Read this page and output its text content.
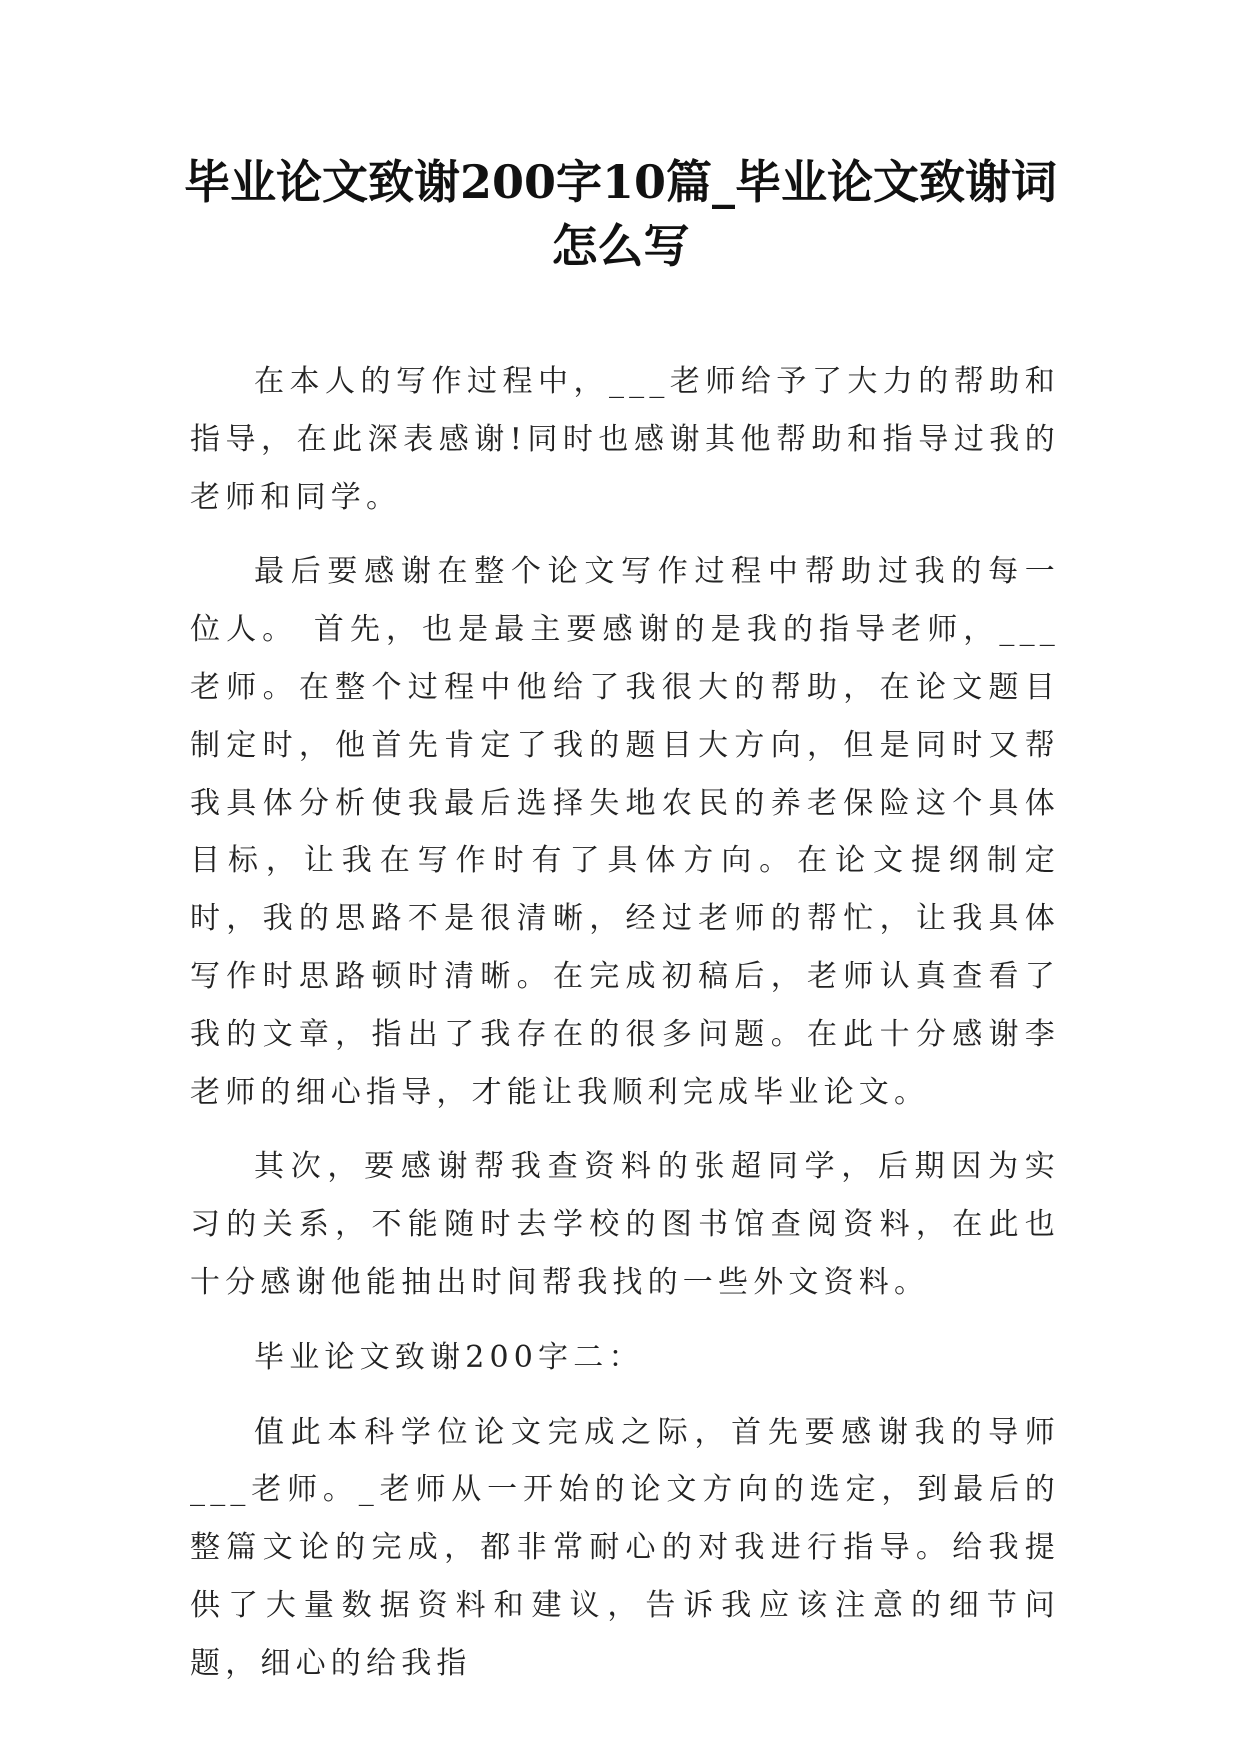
毕业论文致谢200字10篇_毕业论文致谢词
怎么写

在本人的写作过程中，___老师给予了大力的帮助和指导，在此深表感谢!同时也感谢其他帮助和指导过我的老师和同学。

最后要感谢在整个论文写作过程中帮助过我的每一位人。 首先，也是最主要感谢的是我的指导老师，___老师。在整个过程中他给了我很大的帮助，在论文题目制定时，他首先肯定了我的题目大方向，但是同时又帮我具体分析使我最后选择失地农民的养老保险这个具体目标，让我在写作时有了具体方向。在论文提纲制定时，我的思路不是很清晰，经过老师的帮忙，让我具体写作时思路顿时清晰。在完成初稿后，老师认真查看了我的文章，指出了我存在的很多问题。在此十分感谢李老师的细心指导，才能让我顺利完成毕业论文。

其次，要感谢帮我查资料的张超同学，后期因为实习的关系，不能随时去学校的图书馆查阅资料，在此也十分感谢他能抽出时间帮我找的一些外文资料。

毕业论文致谢200字二：

值此本科学位论文完成之际，首先要感谢我的导师___老师。_老师从一开始的论文方向的选定，到最后的整篇文论的完成，都非常耐心的对我进行指导。给我提供了大量数据资料和建议，告诉我应该注意的细节问题，细心的给我指
